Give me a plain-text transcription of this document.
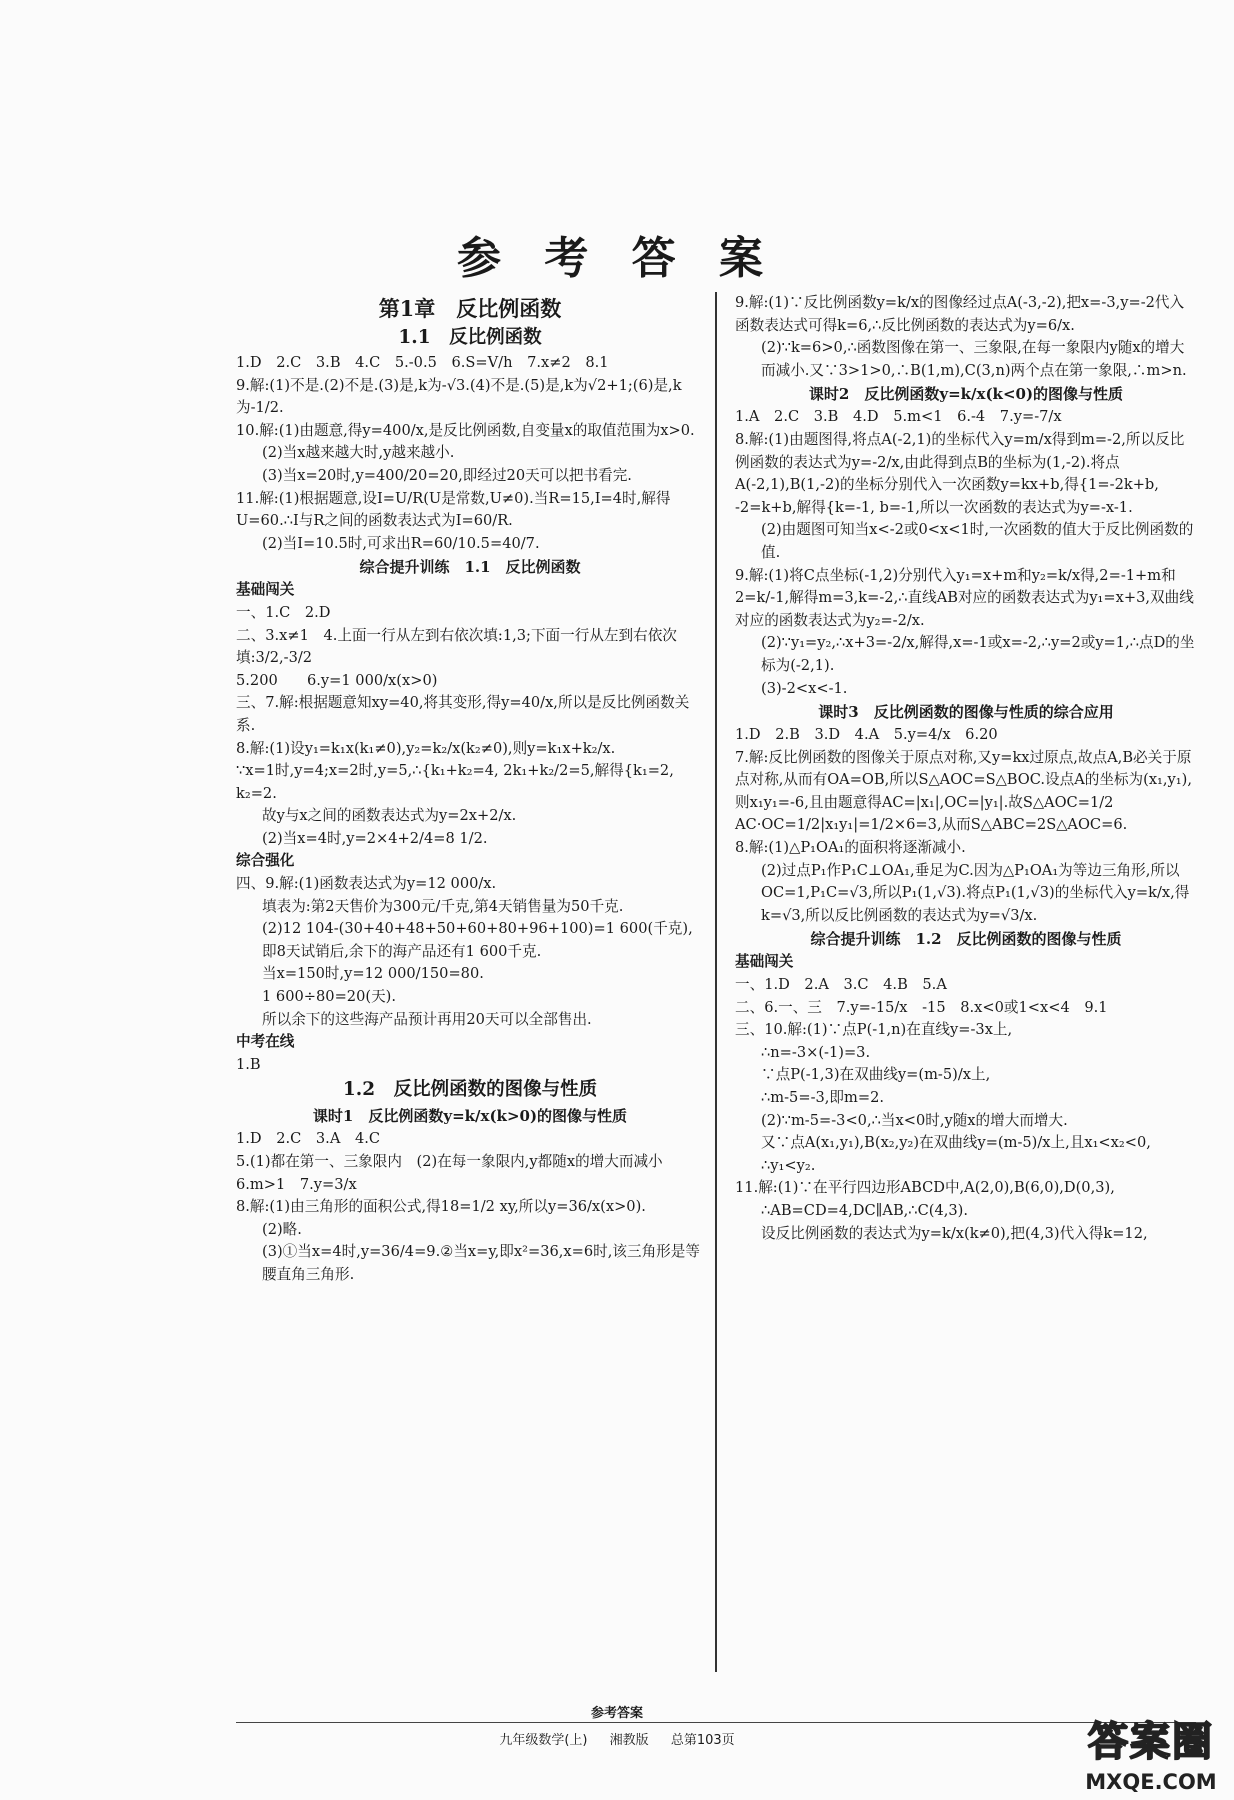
参 考 答 案
第1章　反比例函数
1.1　反比例函数
1.D　2.C　3.B　4.C　5.-0.5　6.S=V/h　7.x≠2　8.1
9.解:(1)不是.(2)不是.(3)是,k为-√3.(4)不是.(5)是,k为√2+1;(6)是,k为-1/2.
10.解:(1)由题意,得y=400/x,是反比例函数,自变量x的取值范围为x>0.
(2)当x越来越大时,y越来越小.
(3)当x=20时,y=400/20=20,即经过20天可以把书看完.
11.解:(1)根据题意,设I=U/R(U是常数,U≠0).当R=15,I=4时,解得U=60.∴I与R之间的函数表达式为I=60/R.
(2)当I=10.5时,可求出R=60/10.5=40/7.
综合提升训练　1.1　反比例函数
基础闯关
一、1.C　2.D
二、3.x≠1　4.上面一行从左到右依次填:1,3;下面一行从左到右依次填:3/2,-3/2
5.200　　6.y=1 000/x(x>0)
三、7.解:根据题意知xy=40,将其变形,得y=40/x,所以是反比例函数关系.
8.解:(1)设y₁=k₁x(k₁≠0),y₂=k₂/x(k₂≠0),则y=k₁x+k₂/x.
∵x=1时,y=4;x=2时,y=5,∴{k₁+k₂=4, 2k₁+k₂/2=5,解得{k₁=2, k₂=2.
故y与x之间的函数表达式为y=2x+2/x.
(2)当x=4时,y=2×4+2/4=8 1/2.
综合强化
四、9.解:(1)函数表达式为y=12 000/x.
填表为:第2天售价为300元/千克,第4天销售量为50千克.
(2)12 104-(30+40+48+50+60+80+96+100)=1 600(千克),即8天试销后,余下的海产品还有1 600千克.
当x=150时,y=12 000/150=80.
1 600÷80=20(天).
所以余下的这些海产品预计再用20天可以全部售出.
中考在线
1.B
1.2　反比例函数的图像与性质
课时1　反比例函数y=k/x(k>0)的图像与性质
1.D　2.C　3.A　4.C
5.(1)都在第一、三象限内　(2)在每一象限内,y都随x的增大而减小
6.m>1　7.y=3/x
8.解:(1)由三角形的面积公式,得18=1/2 xy,所以y=36/x(x>0).
(2)略.
(3)①当x=4时,y=36/4=9.②当x=y,即x²=36,x=6时,该三角形是等腰直角三角形.
9.解:(1)∵反比例函数y=k/x的图像经过点A(-3,-2),把x=-3,y=-2代入函数表达式可得k=6,∴反比例函数的表达式为y=6/x.
(2)∵k=6>0,∴函数图像在第一、三象限,在每一象限内y随x的增大而减小.又∵3>1>0,∴B(1,m),C(3,n)两个点在第一象限,∴m>n.
课时2　反比例函数y=k/x(k<0)的图像与性质
1.A　2.C　3.B　4.D　5.m<1　6.-4　7.y=-7/x
8.解:(1)由题图得,将点A(-2,1)的坐标代入y=m/x得到m=-2,所以反比例函数的表达式为y=-2/x,由此得到点B的坐标为(1,-2).将点A(-2,1),B(1,-2)的坐标分别代入一次函数y=kx+b,得{1=-2k+b, -2=k+b,解得{k=-1, b=-1,所以一次函数的表达式为y=-x-1.
(2)由题图可知当x<-2或0<x<1时,一次函数的值大于反比例函数的值.
9.解:(1)将C点坐标(-1,2)分别代入y₁=x+m和y₂=k/x得,2=-1+m和2=k/-1,解得m=3,k=-2,∴直线AB对应的函数表达式为y₁=x+3,双曲线对应的函数表达式为y₂=-2/x.
(2)∵y₁=y₂,∴x+3=-2/x,解得,x=-1或x=-2,∴y=2或y=1,∴点D的坐标为(-2,1).
(3)-2<x<-1.
课时3　反比例函数的图像与性质的综合应用
1.D　2.B　3.D　4.A　5.y=4/x　6.20
7.解:反比例函数的图像关于原点对称,又y=kx过原点,故点A,B必关于原点对称,从而有OA=OB,所以S△AOC=S△BOC.设点A的坐标为(x₁,y₁),则x₁y₁=-6,且由题意得AC=|x₁|,OC=|y₁|.故S△AOC=1/2 AC·OC=1/2|x₁y₁|=1/2×6=3,从而S△ABC=2S△AOC=6.
8.解:(1)△P₁OA₁的面积将逐渐减小.
(2)过点P₁作P₁C⊥OA₁,垂足为C.因为△P₁OA₁为等边三角形,所以OC=1,P₁C=√3,所以P₁(1,√3).将点P₁(1,√3)的坐标代入y=k/x,得k=√3,所以反比例函数的表达式为y=√3/x.
综合提升训练　1.2　反比例函数的图像与性质
基础闯关
一、1.D　2.A　3.C　4.B　5.A
二、6.一、三　7.y=-15/x　-15　8.x<0或1<x<4　9.1
三、10.解:(1)∵点P(-1,n)在直线y=-3x上,
∴n=-3×(-1)=3.
∵点P(-1,3)在双曲线y=(m-5)/x上,
∴m-5=-3,即m=2.
(2)∵m-5=-3<0,∴当x<0时,y随x的增大而增大.
又∵点A(x₁,y₁),B(x₂,y₂)在双曲线y=(m-5)/x上,且x₁<x₂<0,
∴y₁<y₂.
11.解:(1)∵在平行四边形ABCD中,A(2,0),B(6,0),D(0,3),
∴AB=CD=4,DC∥AB,∴C(4,3).
设反比例函数的表达式为y=k/x(k≠0),把(4,3)代入得k=12,
参考答案
九年级数学(上) 湘教版 总第103页	答案圈
MXQE.COM
